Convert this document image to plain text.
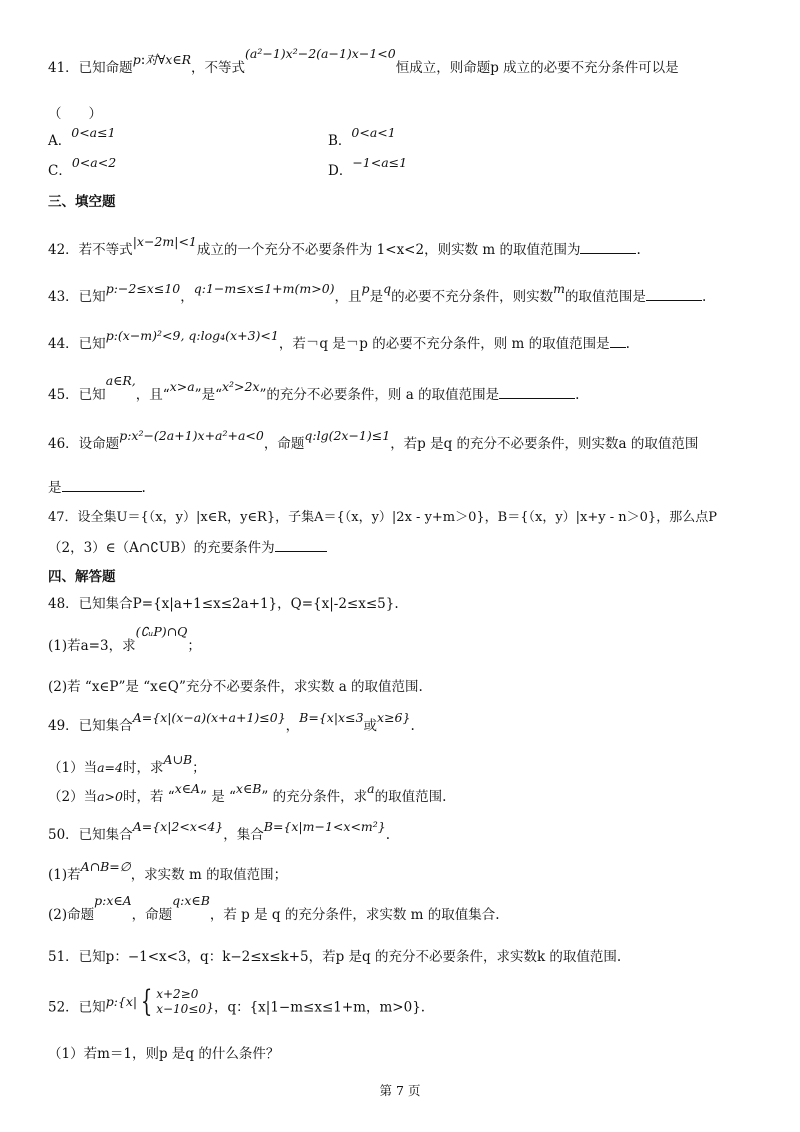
41．已知命题p:对∀x∈R，不等式(a²−1)x²−2(a−1)x−1<0恒成立，则命题p 成立的必要不充分条件可以是
（　　）
A．0<a≤1
B．0<a<1
C．0<a<2
D．−1<a≤1
三、填空题
42．若不等式|x−2m|<1成立的一个充分不必要条件为 1<x<2，则实数 m 的取值范围为	.
43．已知p:−2≤x≤10，q:1−m≤x≤1+m(m>0)，且p是q的必要不充分条件，则实数m的取值范围是	.
44．已知p:(x−m)²<9, q:log₄(x+3)<1，若￢q 是￢p 的必要不充分条件，则 m 的取值范围是 .
45．已知a∈R,，且“x>a”是“x²>2x”的充分不必要条件，则 a 的取值范围是	.
46．设命题p:x²−(2a+1)x+a²+a<0，命题q:lg(2x−1)≤1，若p 是q 的充分不必要条件，则实数a 的取值范围
是	.
47．设全集U＝{（x，y）|x∈R，y∈R}，子集A＝{（x，y）|2x - y+m＞0}，B＝{（x，y）|x+y - n＞0}，那么点P
（2，3）∈（A∩∁UB）的充要条件为
四、解答题
48．已知集合P={x|a+1≤x≤2a+1}，Q={x|-2≤x≤5}.
(1)若a=3，求(∁ᵤP)∩Q；
(2)若 “x∈P”是 “x∈Q”充分不必要条件，求实数 a 的取值范围.
49．已知集合A={x|(x−a)(x+a+1)≤0}，B={x|x≤3或x≥6}.
（1）当a=4时，求A∪B；
（2）当a>0时，若 “x∈A” 是 “x∈B” 的充分条件，求a的取值范围.
50．已知集合A={x|2<x<4}，集合B={x|m−1<x<m²}.
(1)若A∩B=∅，求实数 m 的取值范围；
(2)命题p:x∈A，命题q:x∈B，若 p 是 q 的充分条件，求实数 m 的取值集合.
51．已知p：−1<x<3，q：k−2≤x≤k+5，若p 是q 的充分不必要条件，求实数k 的取值范围.
52．已知p:{x| { x+2≥0
x−10≤0 }，q：{x|1−m≤x≤1+m，m>0}.
（1）若m＝1，则p 是q 的什么条件？
第 7 页
